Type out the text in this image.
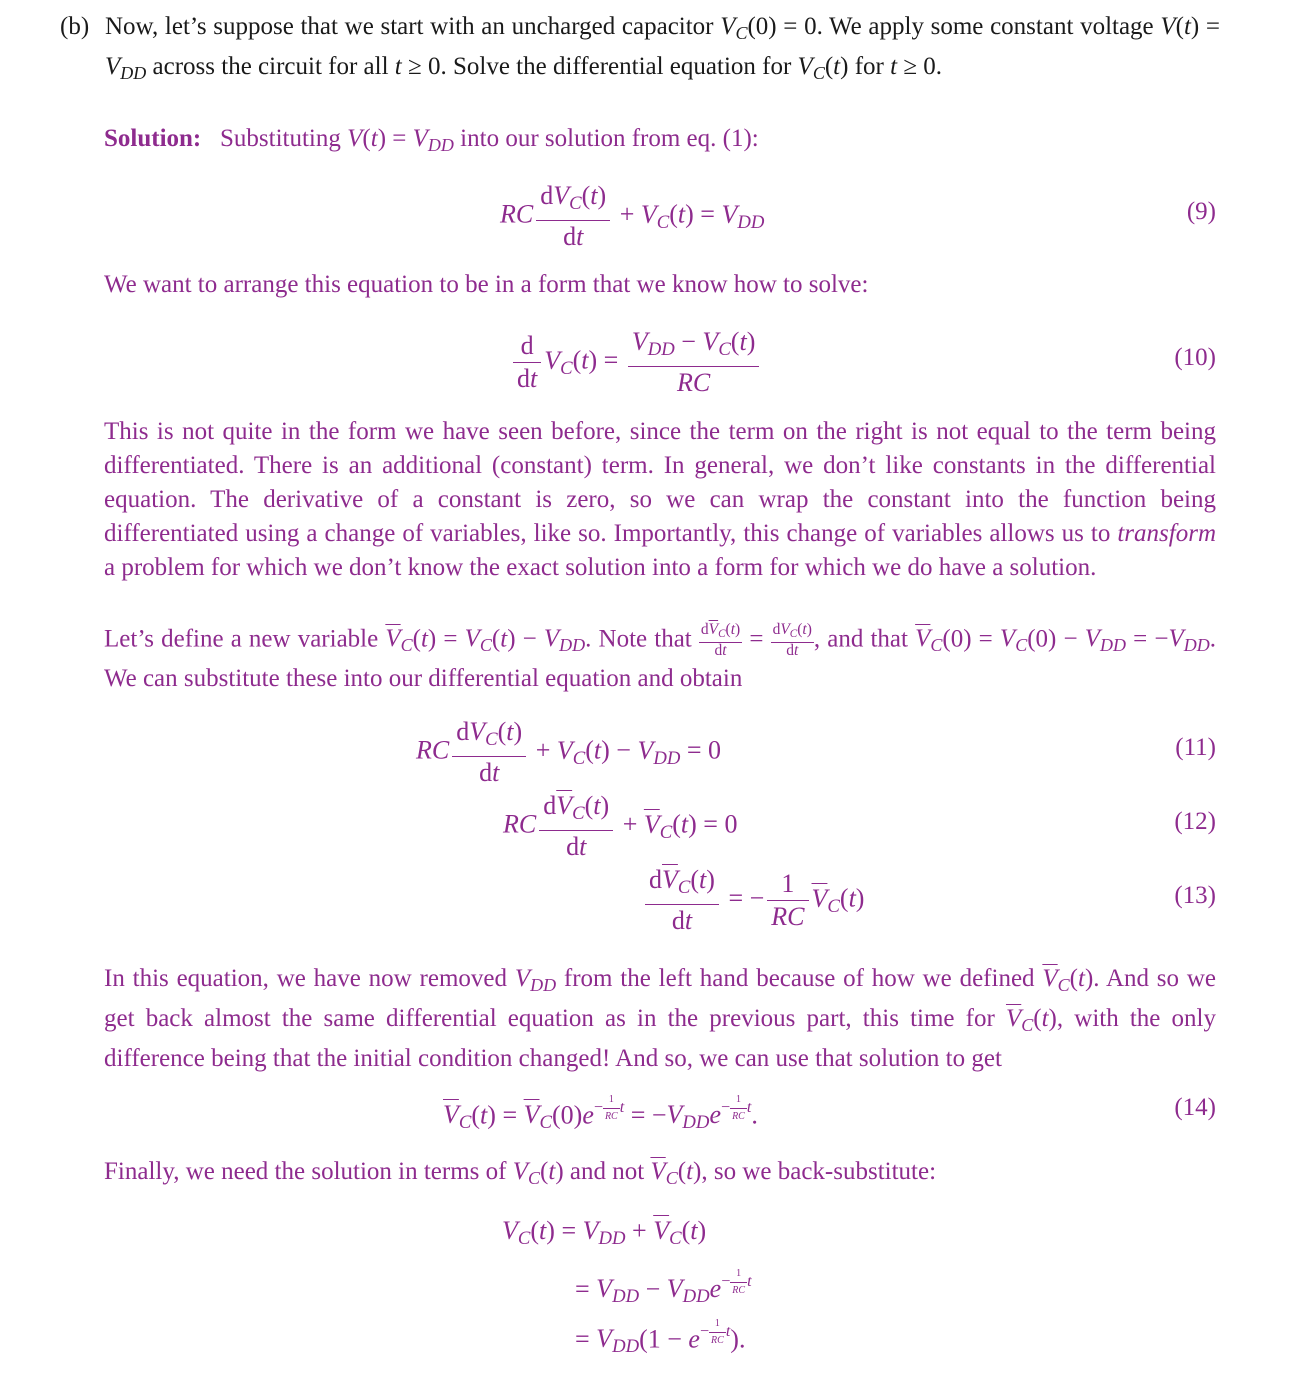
(b) Now, let’s suppose that we start with an uncharged capacitor $V_C(0) = 0$. We apply some constant voltage $V(t) = V_{DD}$ across the circuit for all t ≥ 0. Solve the differential equation for $V_C(t)$ for t ≥ 0.
Solution:   Substituting $V(t) = V_{DD}$ into our solution from eq. (1):
RC $\frac{dV_C(t)}{dt} + V_C(t) = V_{DD}$	(9)
We want to arrange this equation to be in a form that we know how to solve:
$\frac{d}{dt} V_C(t) = \frac{V_{DD} - V_C(t)}{RC}$	(10)
This is not quite in the form we have seen before, since the term on the right is not equal to the term being differentiated. There is an additional (constant) term. In general, we don’t like constants in the differential equation. The derivative of a constant is zero, so we can wrap the constant into the function being differentiated using a change of variables, like so. Importantly, this change of variables allows us to transform a problem for which we don’t know the exact solution into a form for which we do have a solution.
Let’s define a new variable $\overline{V}_C(t) = V_C(t) - V_{DD}$. Note that $d\overline{V}_C(t)$
dt = $dV_C(t)$
dt , and that $\overline{V}_C(0) = V_C(0) - V_{DD} = -V_{DD}$. We can substitute these into our differential equation and obtain
RC $\frac{dV_C(t)}{dt} + V_C(t) - V_{DD} = 0$	(11)
RC $\frac{d\overline{V}_C(t)}{dt} + \overline{V}_C(t) = 0$	(12)
$\frac{d\overline{V}_C(t)}{dt}$ = − $\frac{1}{RC} \overline{V}_C(t)$	(13)
In this equation, we have now removed $V_{DD}$ from the left hand because of how we defined $\overline{V}_C(t)$. And so we get back almost the same differential equation as in the previous part, this time for $\overline{V}_C(t)$, with the only difference being that the initial condition changed! And so, we can use that solution to get
$\overline{V}_C(t) = \overline{V}_C(0)e^{- \frac{1}{RC} t} = -V_{DD}e^{- \frac{1}{RC} t}$.	(14)
Finally, we need the solution in terms of $V_C(t)$ and not $\overline{V}_C(t)$, so we back-substitute:
$V_C(t) = V_{DD} + \overline{V}_C(t)$
= $V_{DD} - V_{DD}e^{- \frac{1}{RC} t}$
= $V_{DD}(1 - e^{- \frac{1}{RC} t})$.
